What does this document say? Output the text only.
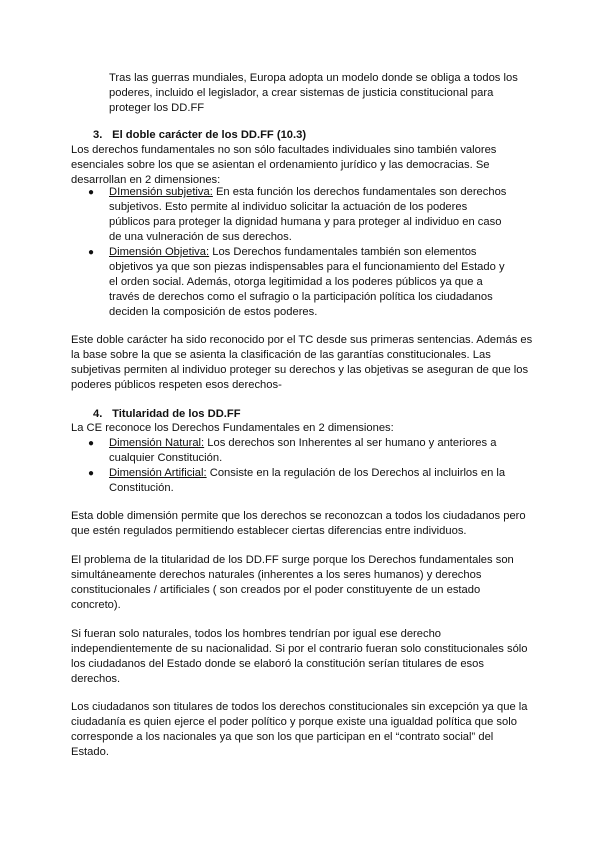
Tras las guerras mundiales, Europa adopta un modelo donde se obliga a todos los poderes, incluido el legislador, a crear sistemas de justicia constitucional para proteger los DD.FF

3. El doble carácter de los DD.FF (10.3)

Los derechos fundamentales no son sólo facultades individuales sino también valores esenciales sobre los que se asientan el ordenamiento jurídico y las democracias. Se desarrollan en 2 dimensiones:

● DImensión subjetiva: En esta función los derechos fundamentales son derechos subjetivos. Esto permite al individuo solicitar la actuación de los poderes públicos para proteger la dignidad humana y para proteger al individuo en caso de una vulneración de sus derechos.
● Dimensión Objetiva: Los Derechos fundamentales también son elementos objetivos ya que son piezas indispensables para el funcionamiento del Estado y el orden social. Además, otorga legitimidad a los poderes públicos ya que a través de derechos como el sufragio o la participación política los ciudadanos deciden la composición de estos poderes.

Este doble carácter ha sido reconocido por el TC desde sus primeras sentencias. Además es la base sobre la que se asienta la clasificación de las garantías constitucionales. Las subjetivas permiten al individuo proteger su derechos y las objetivas se aseguran de que los poderes públicos respeten esos derechos-

4. Titularidad de los DD.FF

La CE reconoce los Derechos Fundamentales en 2 dimensiones:

● Dimensión Natural: Los derechos son Inherentes al ser humano y anteriores a cualquier Constitución.
● Dimensión Artificial: Consiste en la regulación de los Derechos al incluirlos en la Constitución.

Esta doble dimensión permite que los derechos se reconozcan a todos los ciudadanos pero que estén regulados permitiendo establecer ciertas diferencias entre individuos.

El problema de la titularidad de los DD.FF surge porque los Derechos fundamentales son simultáneamente derechos naturales (inherentes a los seres humanos) y derechos constitucionales / artificiales ( son creados por el poder constituyente de un estado concreto).

Si fueran solo naturales, todos los hombres tendrían por igual ese derecho independientemente de su nacionalidad. Si por el contrario fueran solo constitucionales sólo los ciudadanos del Estado donde se elaboró la constitución serían titulares de esos derechos.

Los ciudadanos son titulares de todos los derechos constitucionales sin excepción ya que la ciudadanía es quien ejerce el poder político y porque existe una igualdad política que solo corresponde a los nacionales ya que son los que participan en el “contrato social” del Estado.
